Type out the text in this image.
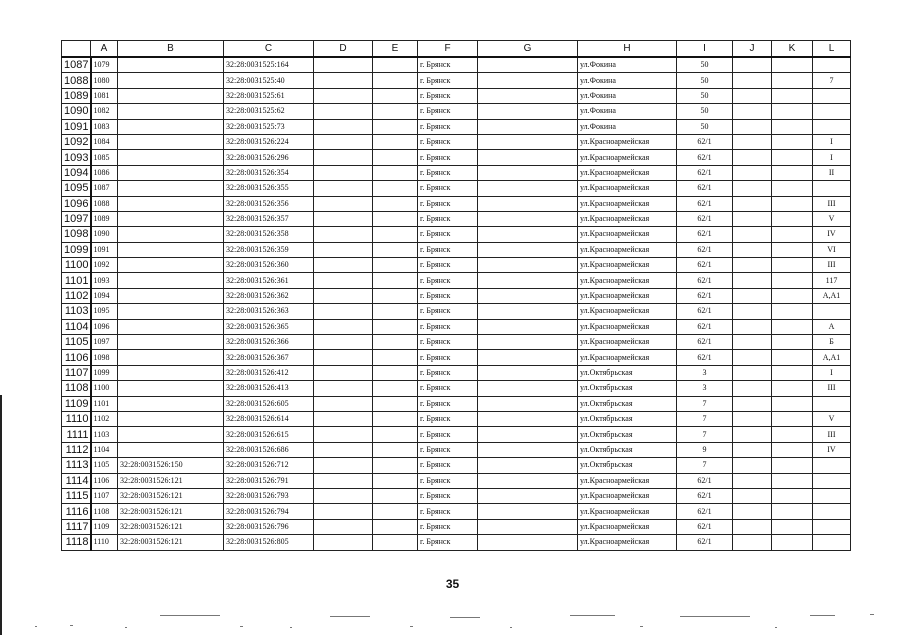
	A	B	C	D	E	F	G	H	I	J	K	L
1087	1079		32:28:0031525:164			г. Брянск		ул.Фокина	50			
1088	1080		32:28:0031525:40			г. Брянск		ул.Фокина	50			7
1089	1081		32:28:0031525:61			г. Брянск		ул.Фокина	50			
1090	1082		32:28:0031525:62			г. Брянск		ул.Фокина	50			
1091	1083		32:28:0031525:73			г. Брянск		ул.Фокина	50			
1092	1084		32:28:0031526:224			г. Брянск		ул.Красноармейская	62/1			I
1093	1085		32:28:0031526:296			г. Брянск		ул.Красноармейская	62/1			I
1094	1086		32:28:0031526:354			г. Брянск		ул.Красноармейская	62/1			II
1095	1087		32:28:0031526:355			г. Брянск		ул.Красноармейская	62/1			
1096	1088		32:28:0031526:356			г. Брянск		ул.Красноармейская	62/1			III
1097	1089		32:28:0031526:357			г. Брянск		ул.Красноармейская	62/1			V
1098	1090		32:28:0031526:358			г. Брянск		ул.Красноармейская	62/1			IV
1099	1091		32:28:0031526:359			г. Брянск		ул.Красноармейская	62/1			VI
1100	1092		32:28:0031526:360			г. Брянск		ул.Красноармейская	62/1			III
1101	1093		32:28:0031526:361			г. Брянск		ул.Красноармейская	62/1			117
1102	1094		32:28:0031526:362			г. Брянск		ул.Красноармейская	62/1			А,А1
1103	1095		32:28:0031526:363			г. Брянск		ул.Красноармейская	62/1			
1104	1096		32:28:0031526:365			г. Брянск		ул.Красноармейская	62/1			А
1105	1097		32:28:0031526:366			г. Брянск		ул.Красноармейская	62/1			Б
1106	1098		32:28:0031526:367			г. Брянск		ул.Красноармейская	62/1			А,А1
1107	1099		32:28:0031526:412			г. Брянск		ул.Октябрьская	3			I
1108	1100		32:28:0031526:413			г. Брянск		ул.Октябрьская	3			III
1109	1101		32:28:0031526:605			г. Брянск		ул.Октябрьская	7			
1110	1102		32:28:0031526:614			г. Брянск		ул.Октябрьская	7			V
1111	1103		32:28:0031526:615			г. Брянск		ул.Октябрьская	7			III
1112	1104		32:28:0031526:686			г. Брянск		ул.Октябрьская	9			IV
1113	1105	32:28:0031526:150	32:28:0031526:712			г. Брянск		ул.Октябрьская	7			
1114	1106	32:28:0031526:121	32:28:0031526:791			г. Брянск		ул.Красноармейская	62/1			
1115	1107	32:28:0031526:121	32:28:0031526:793			г. Брянск		ул.Красноармейская	62/1			
1116	1108	32:28:0031526:121	32:28:0031526:794			г. Брянск		ул.Красноармейская	62/1			
1117	1109	32:28:0031526:121	32:28:0031526:796			г. Брянск		ул.Красноармейская	62/1			
1118	1110	32:28:0031526:121	32:28:0031526:805			г. Брянск		ул.Красноармейская	62/1			
35
